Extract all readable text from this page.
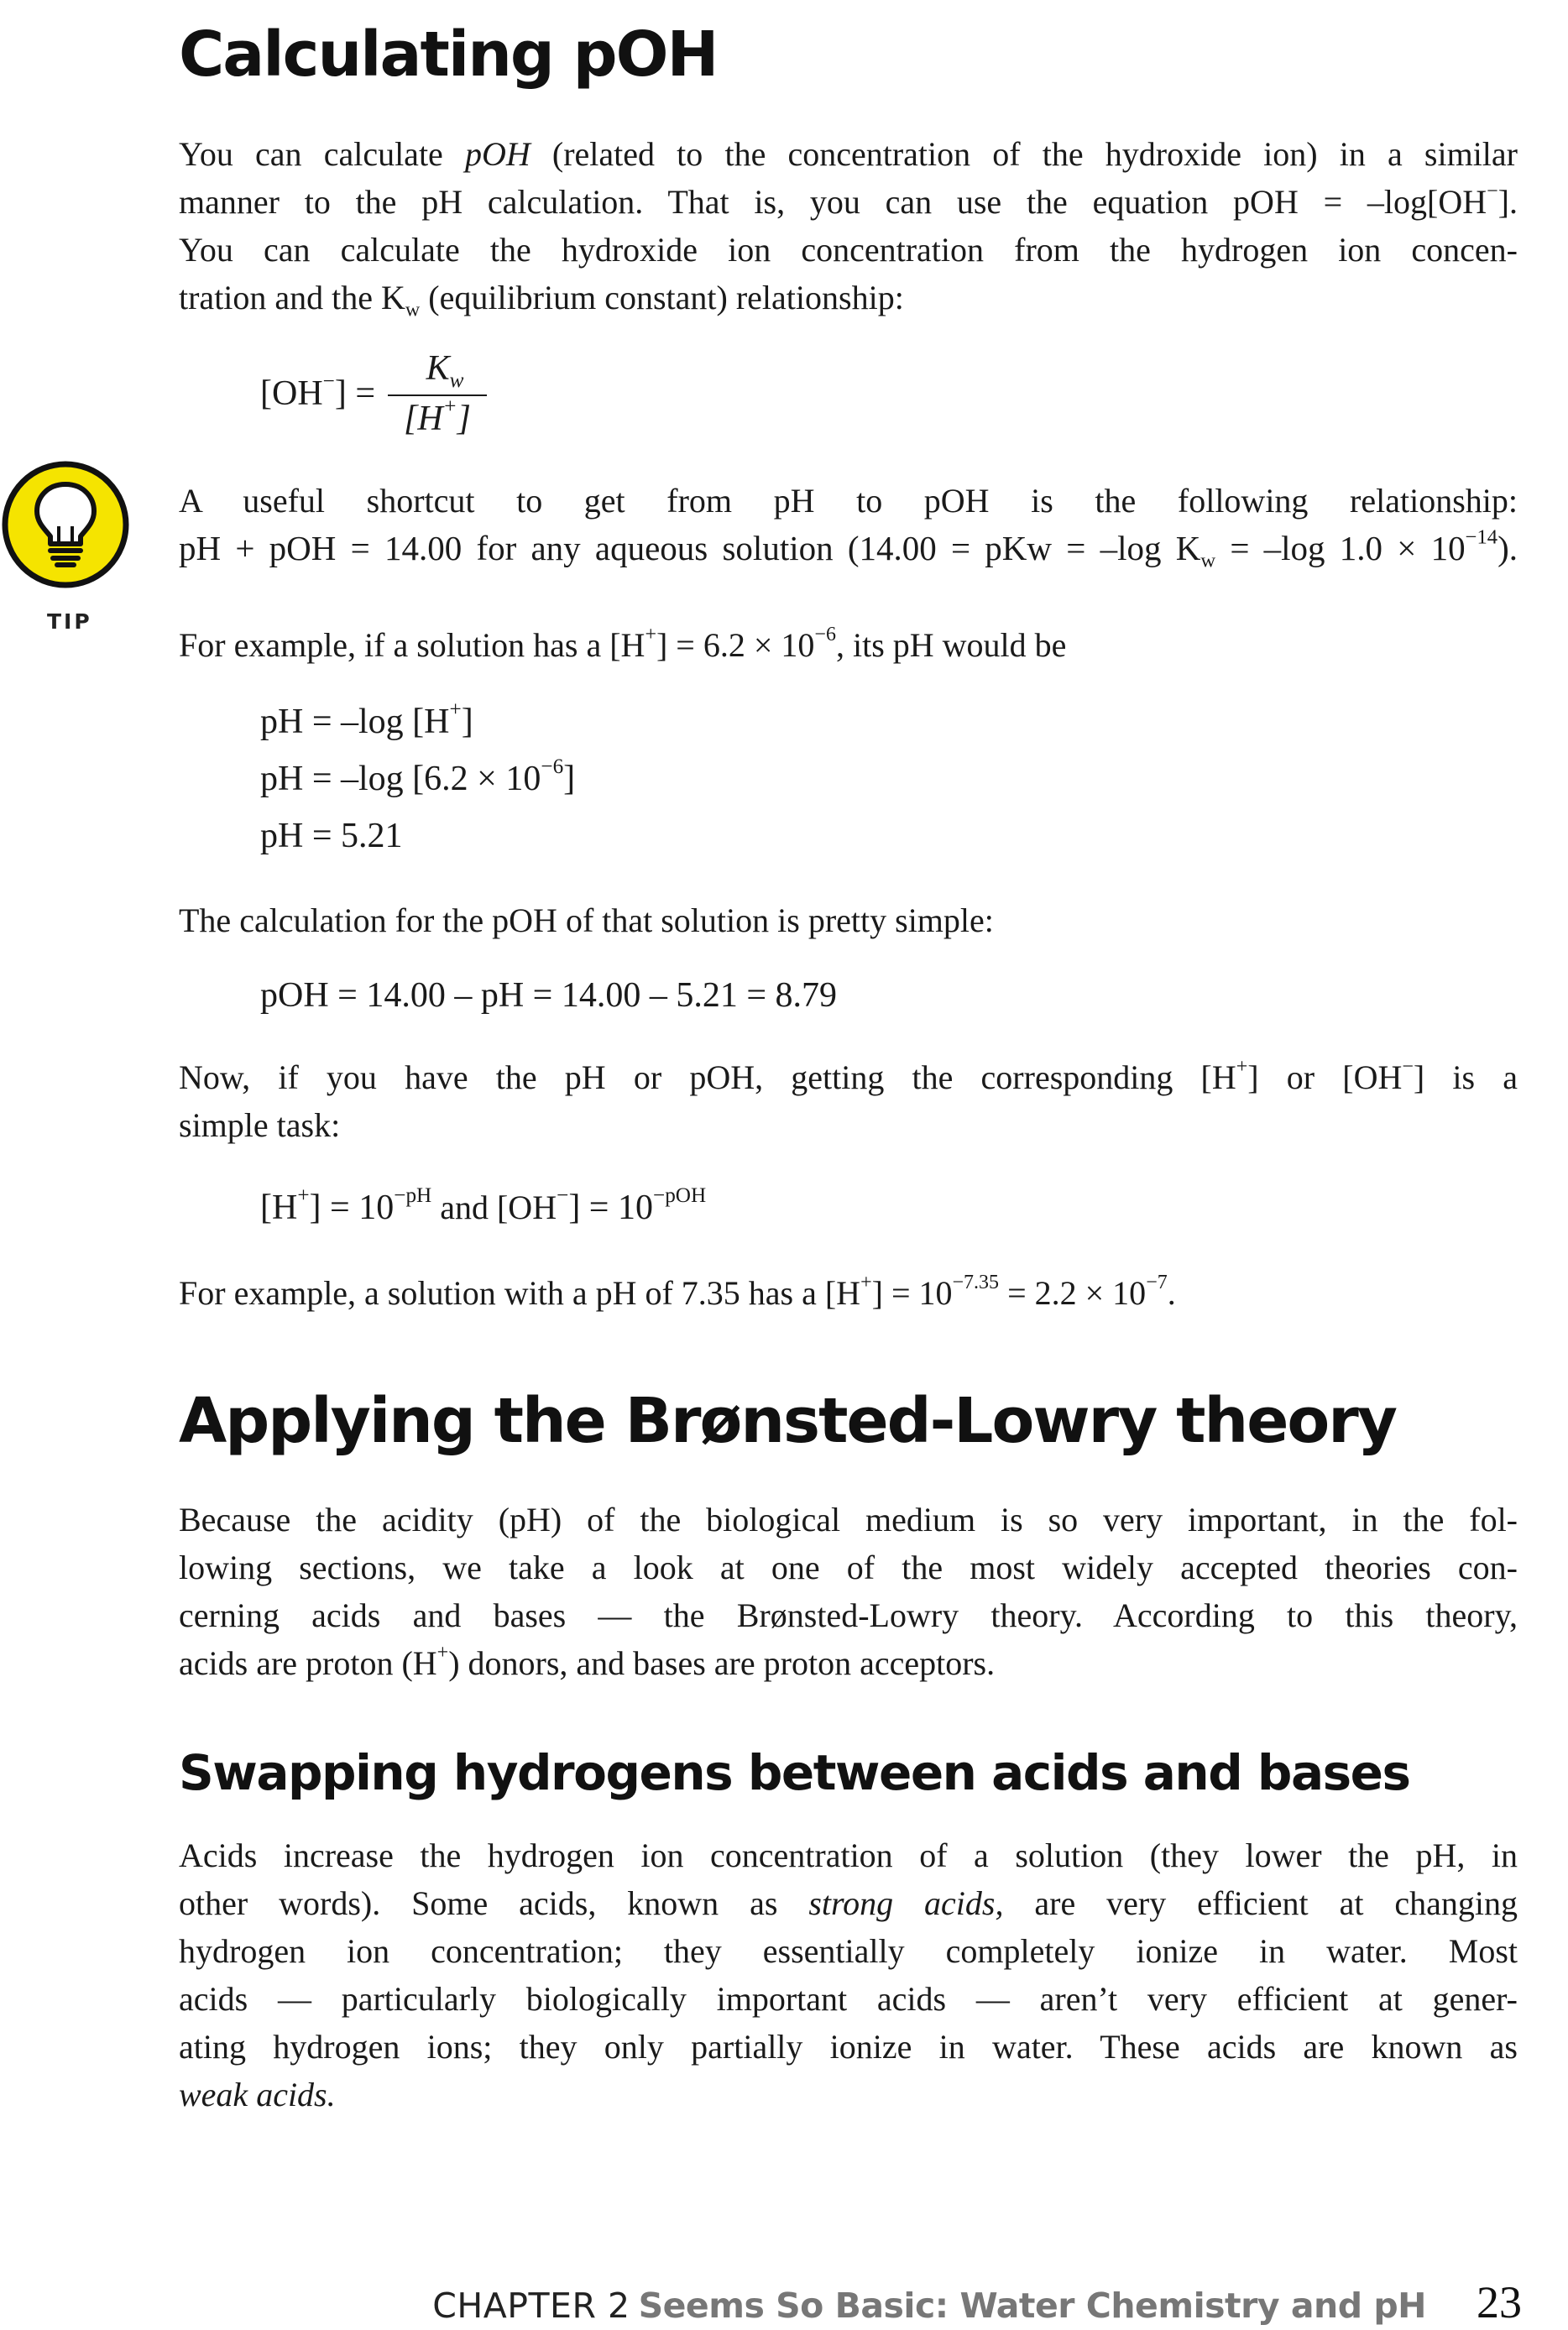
Calculating pOH
You can calculate pOH (related to the concentration of the hydroxide ion) in a similar
manner to the pH calculation. That is, you can use the equation pOH = –log[OH−].
You can calculate the hydroxide ion concentration from the hydrogen ion concen-
tration and the $K_w$ (equilibrium constant) relationship:
[OH−] =
$K_w$
[H+]
TIP
A useful shortcut to get from pH to pOH is the following relationship:
pH + pOH = 14.00 for any aqueous solution (14.00 = pKw = –log $K_w = -\log$ $1.0 \times 10^{-14}$).
For example, if a solution has a $[H^+] = 6.2 \times 10^{-6}$, its pH would be
pH = –log [H+]
pH = –log $[6.2 \times 10^{-6}]$
pH = 5.21
The calculation for the pOH of that solution is pretty simple:
pOH = 14.00 – pH = 14.00 – 5.21 = 8.79
Now, if you have the pH or pOH, getting the corresponding [H+] or [OH−] is a
simple task:
$[H^+] = 10^{-pH}$ and $[OH^-] = 10^{-pOH}$
For example, a solution with a pH of 7.35 has a $[H^+] = 10^{-7.35} = 2.2 \times 10^{-7}$.
Applying the Brønsted-Lowry theory
Because the acidity (pH) of the biological medium is so very important, in the fol-
lowing sections, we take a look at one of the most widely accepted theories con-
cerning acids and bases — the Brønsted-Lowry theory. According to this theory,
acids are proton (H+) donors, and bases are proton acceptors.
Swapping hydrogens between acids and bases
Acids increase the hydrogen ion concentration of a solution (they lower the pH, in
other words). Some acids, known as strong acids, are very efficient at changing
hydrogen ion concentration; they essentially completely ionize in water. Most
acids — particularly biologically important acids — aren’t very efficient at gener-
ating hydrogen ions; they only partially ionize in water. These acids are known as
weak acids.
CHAPTER 2 Seems So Basic: Water Chemistry and pH 23
